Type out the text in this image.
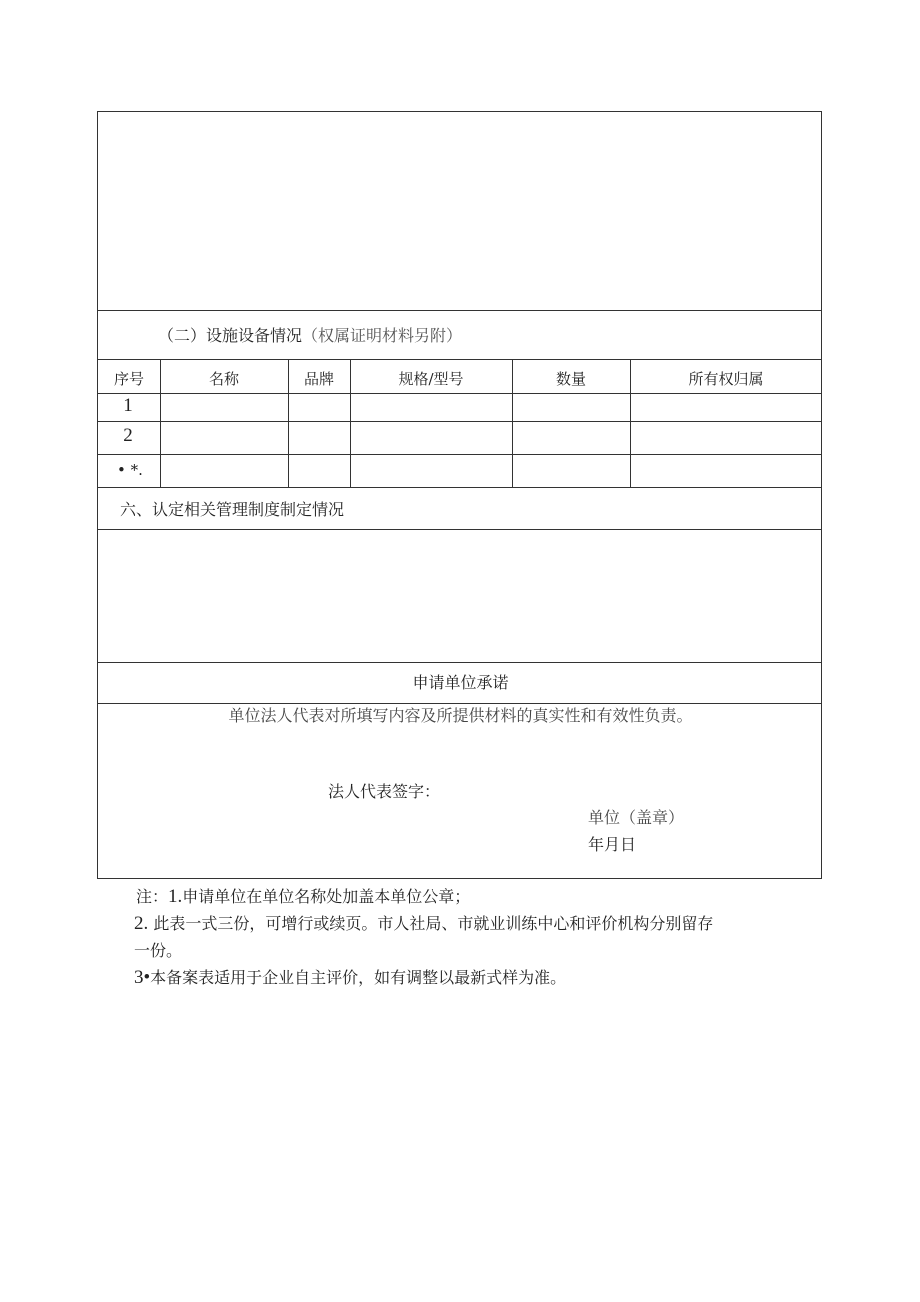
（二）设施设备情况（权属证明材料另附）
序号	名称	品牌	规格/型号	数量	所有权归属
1
2
• *.
六、认定相关管理制度制定情况
申请单位承诺
单位法人代表对所填写内容及所提供材料的真实性和有效性负责。
法人代表签字：
单位（盖章）
年月日
注：1.申请单位在单位名称处加盖本单位公章；
2. 此表一式三份，可增行或续页。市人社局、市就业训练中心和评价机构分别留存
一份。
3•本备案表适用于企业自主评价，如有调整以最新式样为准。
